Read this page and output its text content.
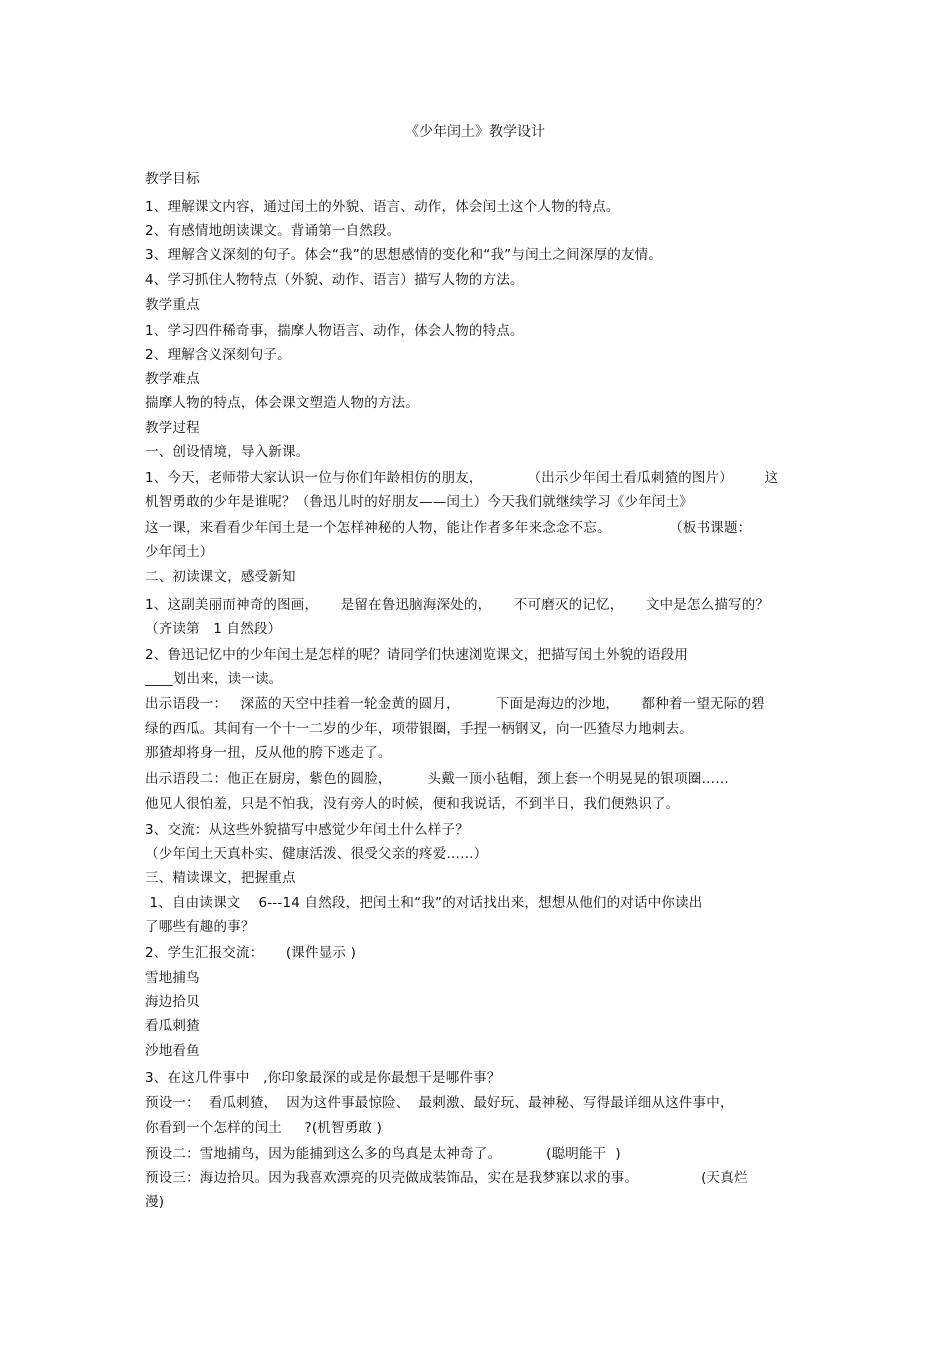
《少年闰土》教学设计
教学目标
1、理解课文内容，通过闰土的外貌、语言、动作，体会闰土这个人物的特点。
2、有感情地朗读课文。背诵第一自然段。
3、理解含义深刻的句子。体会“我”的思想感情的变化和“我”与闰土之间深厚的友情。
4、学习抓住人物特点（外貌、动作、语言）描写人物的方法。
教学重点
1、学习四件稀奇事，揣摩人物语言、动作，体会人物的特点。
2、理解含义深刻句子。
教学难点
揣摩人物的特点，体会课文塑造人物的方法。
教学过程
一、创设情境，导入新课。
1、今天，老师带大家认识一位与你们年龄相仿的朋友，          （出示少年闰土看瓜刺猹的图片）       这
机智勇敢的少年是谁呢？（鲁迅儿时的好朋友——闰土）今天我们就继续学习《少年闰土》
这一课，来看看少年闰土是一个怎样神秘的人物，能让作者多年来念念不忘。             （板书课题：
少年闰土）
二、初读课文，感受新知
1、这副美丽而神奇的图画，     是留在鲁迅脑海深处的，     不可磨灭的记忆，     文中是怎么描写的？
（齐读第   1 自然段）
2、鲁迅记忆中的少年闰土是怎样的呢？请同学们快速浏览课文，把描写闰土外貌的语段用
____划出来，读一读。
出示语段一：   深蓝的天空中挂着一轮金黄的圆月，        下面是海边的沙地，     都种着一望无际的碧
绿的西瓜。其间有一个十一二岁的少年，项带银圈，手捏一柄钢叉，向一匹猹尽力地刺去。
那猹却将身一扭，反从他的胯下逃走了。
出示语段二：他正在厨房，紫色的圆脸，        头戴一顶小毡帽，颈上套一个明晃晃的银项圈……
他见人很怕羞，只是不怕我，没有旁人的时候，便和我说话，不到半日，我们便熟识了。
3、交流：从这些外貌描写中感觉少年闰土什么样子？
（少年闰土天真朴实、健康活泼、很受父亲的疼爱……）
三、精读课文，把握重点
1、自由读课文    6---14 自然段，把闰土和“我”的对话找出来，想想从他们的对话中你读出
了哪些有趣的事？
2、学生汇报交流：     (课件显示 )
雪地捕鸟
海边拾贝
看瓜刺猹
沙地看鱼
3、在这几件事中   ,你印象最深的或是你最想干是哪件事？
预设一：  看瓜刺猹，  因为这件事最惊险、  最刺激、最好玩、最神秘、写得最详细从这件事中，
你看到一个怎样的闰土     ?(机智勇敢 )
预设二：雪地捕鸟，因为能捕到这么多的鸟真是太神奇了。          (聪明能干  )
预设三：海边拾贝。因为我喜欢漂亮的贝壳做成装饰品，实在是我梦寐以求的事。              (天真烂
漫)
